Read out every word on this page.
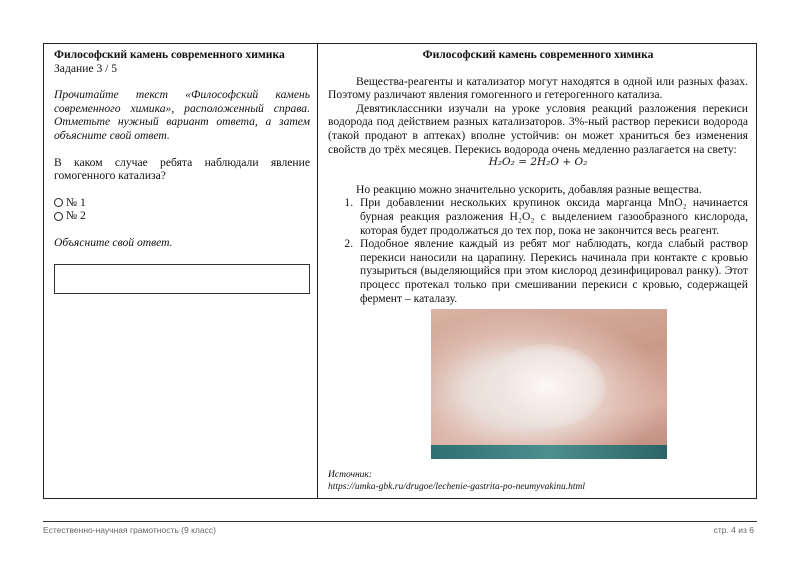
Философский камень современного химика
Задание 3 / 5
Прочитайте текст «Философский камень современного химика», расположенный справа. Отметьте нужный вариант ответа, а затем объясните свой ответ.
В каком случае ребята наблюдали явление гомогенного катализа?
№ 1
№ 2
Объясните свой ответ.
Философский камень современного химика
Вещества-реагенты и катализатор могут находятся в одной или разных фазах. Поэтому различают явления гомогенного и гетерогенного катализа.
Девятиклассники изучали на уроке условия реакций разложения перекиси водорода под действием разных катализаторов. 3%-ный раствор перекиси водорода (такой продают в аптеках) вполне устойчив: он может храниться без изменения свойств до трёх месяцев. Перекись водорода очень медленно разлагается на свету:
H₂O₂ = 2H₂O + O₂
Но реакцию можно значительно ускорить, добавляя разные вещества.
1. При добавлении нескольких крупинок оксида марганца MnO₂ начинается бурная реакция разложения H₂O₂ с выделением газообразного кислорода, которая будет продолжаться до тех пор, пока не закончится весь реагент.
2. Подобное явление каждый из ребят мог наблюдать, когда слабый раствор перекиси наносили на царапину. Перекись начинала при контакте с кровью пузыриться (выделяющийся при этом кислород дезинфицировал ранку). Этот процесс протекал только при смешивании перекиси с кровью, содержащей фермент – каталазу.
Источник:
https://umka-gbk.ru/drugoe/lechenie-gastrita-po-neumyvakinu.html
Естественно-научная грамотность (9 класс)	стр. 4 из 6
